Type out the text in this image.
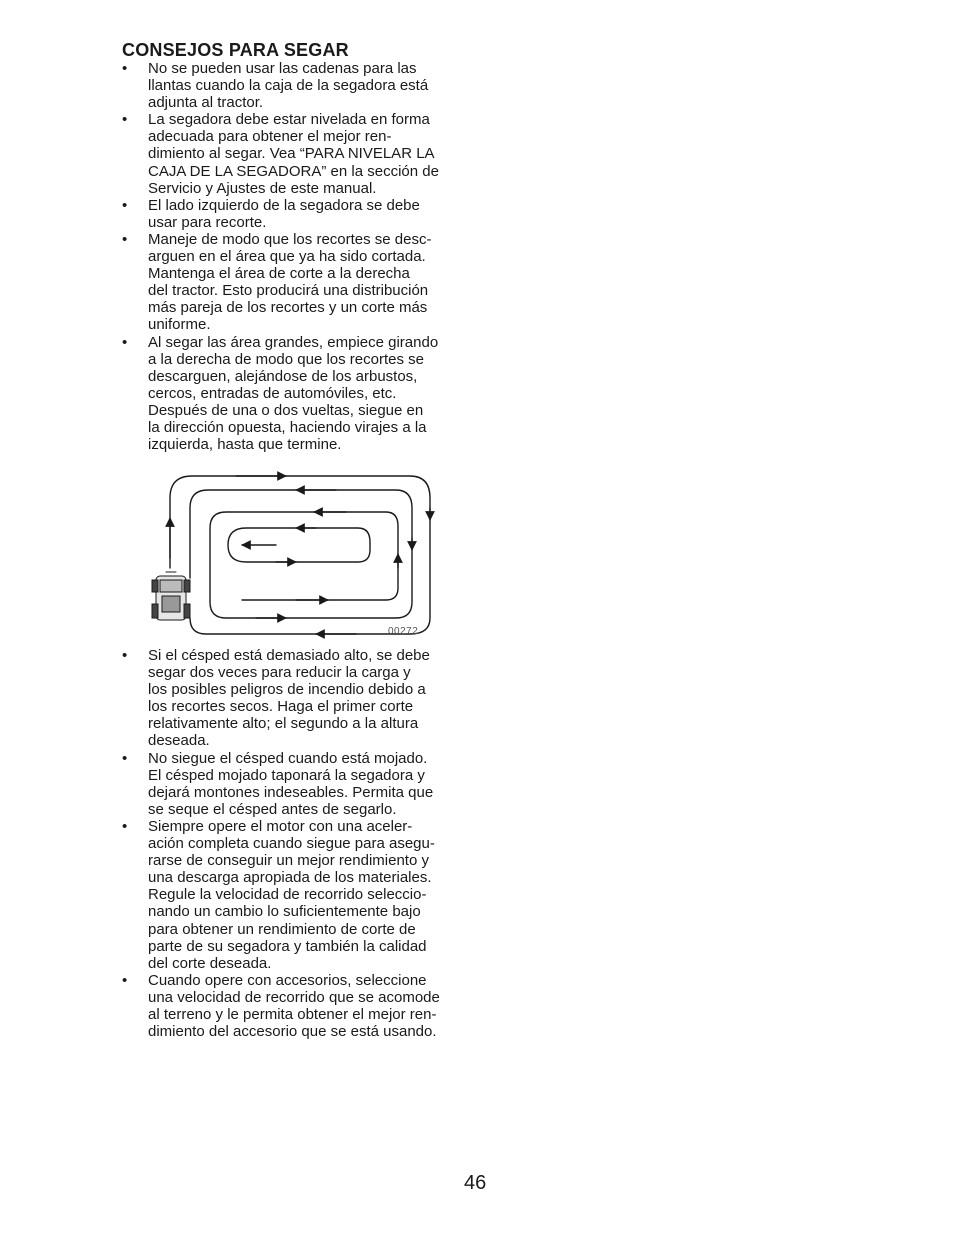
CONSEJOS PARA SEGAR
• No se pueden usar las cadenas para las
llantas cuando la caja de la segadora está
adjunta al tractor.
• La segadora debe estar nivelada en forma
adecuada para obtener el mejor ren-
dimiento al segar. Vea “PARA NIVELAR LA
CAJA DE LA SEGADORA” en la sección de
Servicio y Ajustes de este manual.
• El lado izquierdo de la segadora se debe
usar para recorte.
• Maneje de modo que los recortes se desc-
arguen en el área que ya ha sido cortada.
Mantenga el área de corte a la derecha
del tractor. Esto producirá una distribución
más pareja de los recortes y un corte más
uniforme.
• Al segar las área grandes, empiece girando
a la derecha de modo que los recortes se
descarguen, alejándose de los arbustos,
cercos, entradas de automóviles, etc.
Después de una o dos vueltas, siegue en
la dirección opuesta, haciendo virajes a la
izquierda, hasta que termine.
00272
• Si el césped está demasiado alto, se debe
segar dos veces para reducir la carga y
los posibles peligros de incendio debido a
los recortes secos. Haga el primer corte
relativamente alto; el segundo a la altura
deseada.
• No siegue el césped cuando está mojado.
El césped mojado taponará la segadora y
dejará montones indeseables. Permita que
se seque el césped antes de segarlo.
• Siempre opere el motor con una aceler-
ación completa cuando siegue para asegu-
rarse de conseguir un mejor rendimiento y
una descarga apropiada de los materiales.
Regule la velocidad de recorrido seleccio-
nando un cambio lo suficientemente bajo
para obtener un rendimiento de corte de
parte de su segadora y también la calidad
del corte deseada.
• Cuando opere con accesorios, seleccione
una velocidad de recorrido que se acomode
al terreno y le permita obtener el mejor ren-
dimiento del accesorio que se está usando.
46
